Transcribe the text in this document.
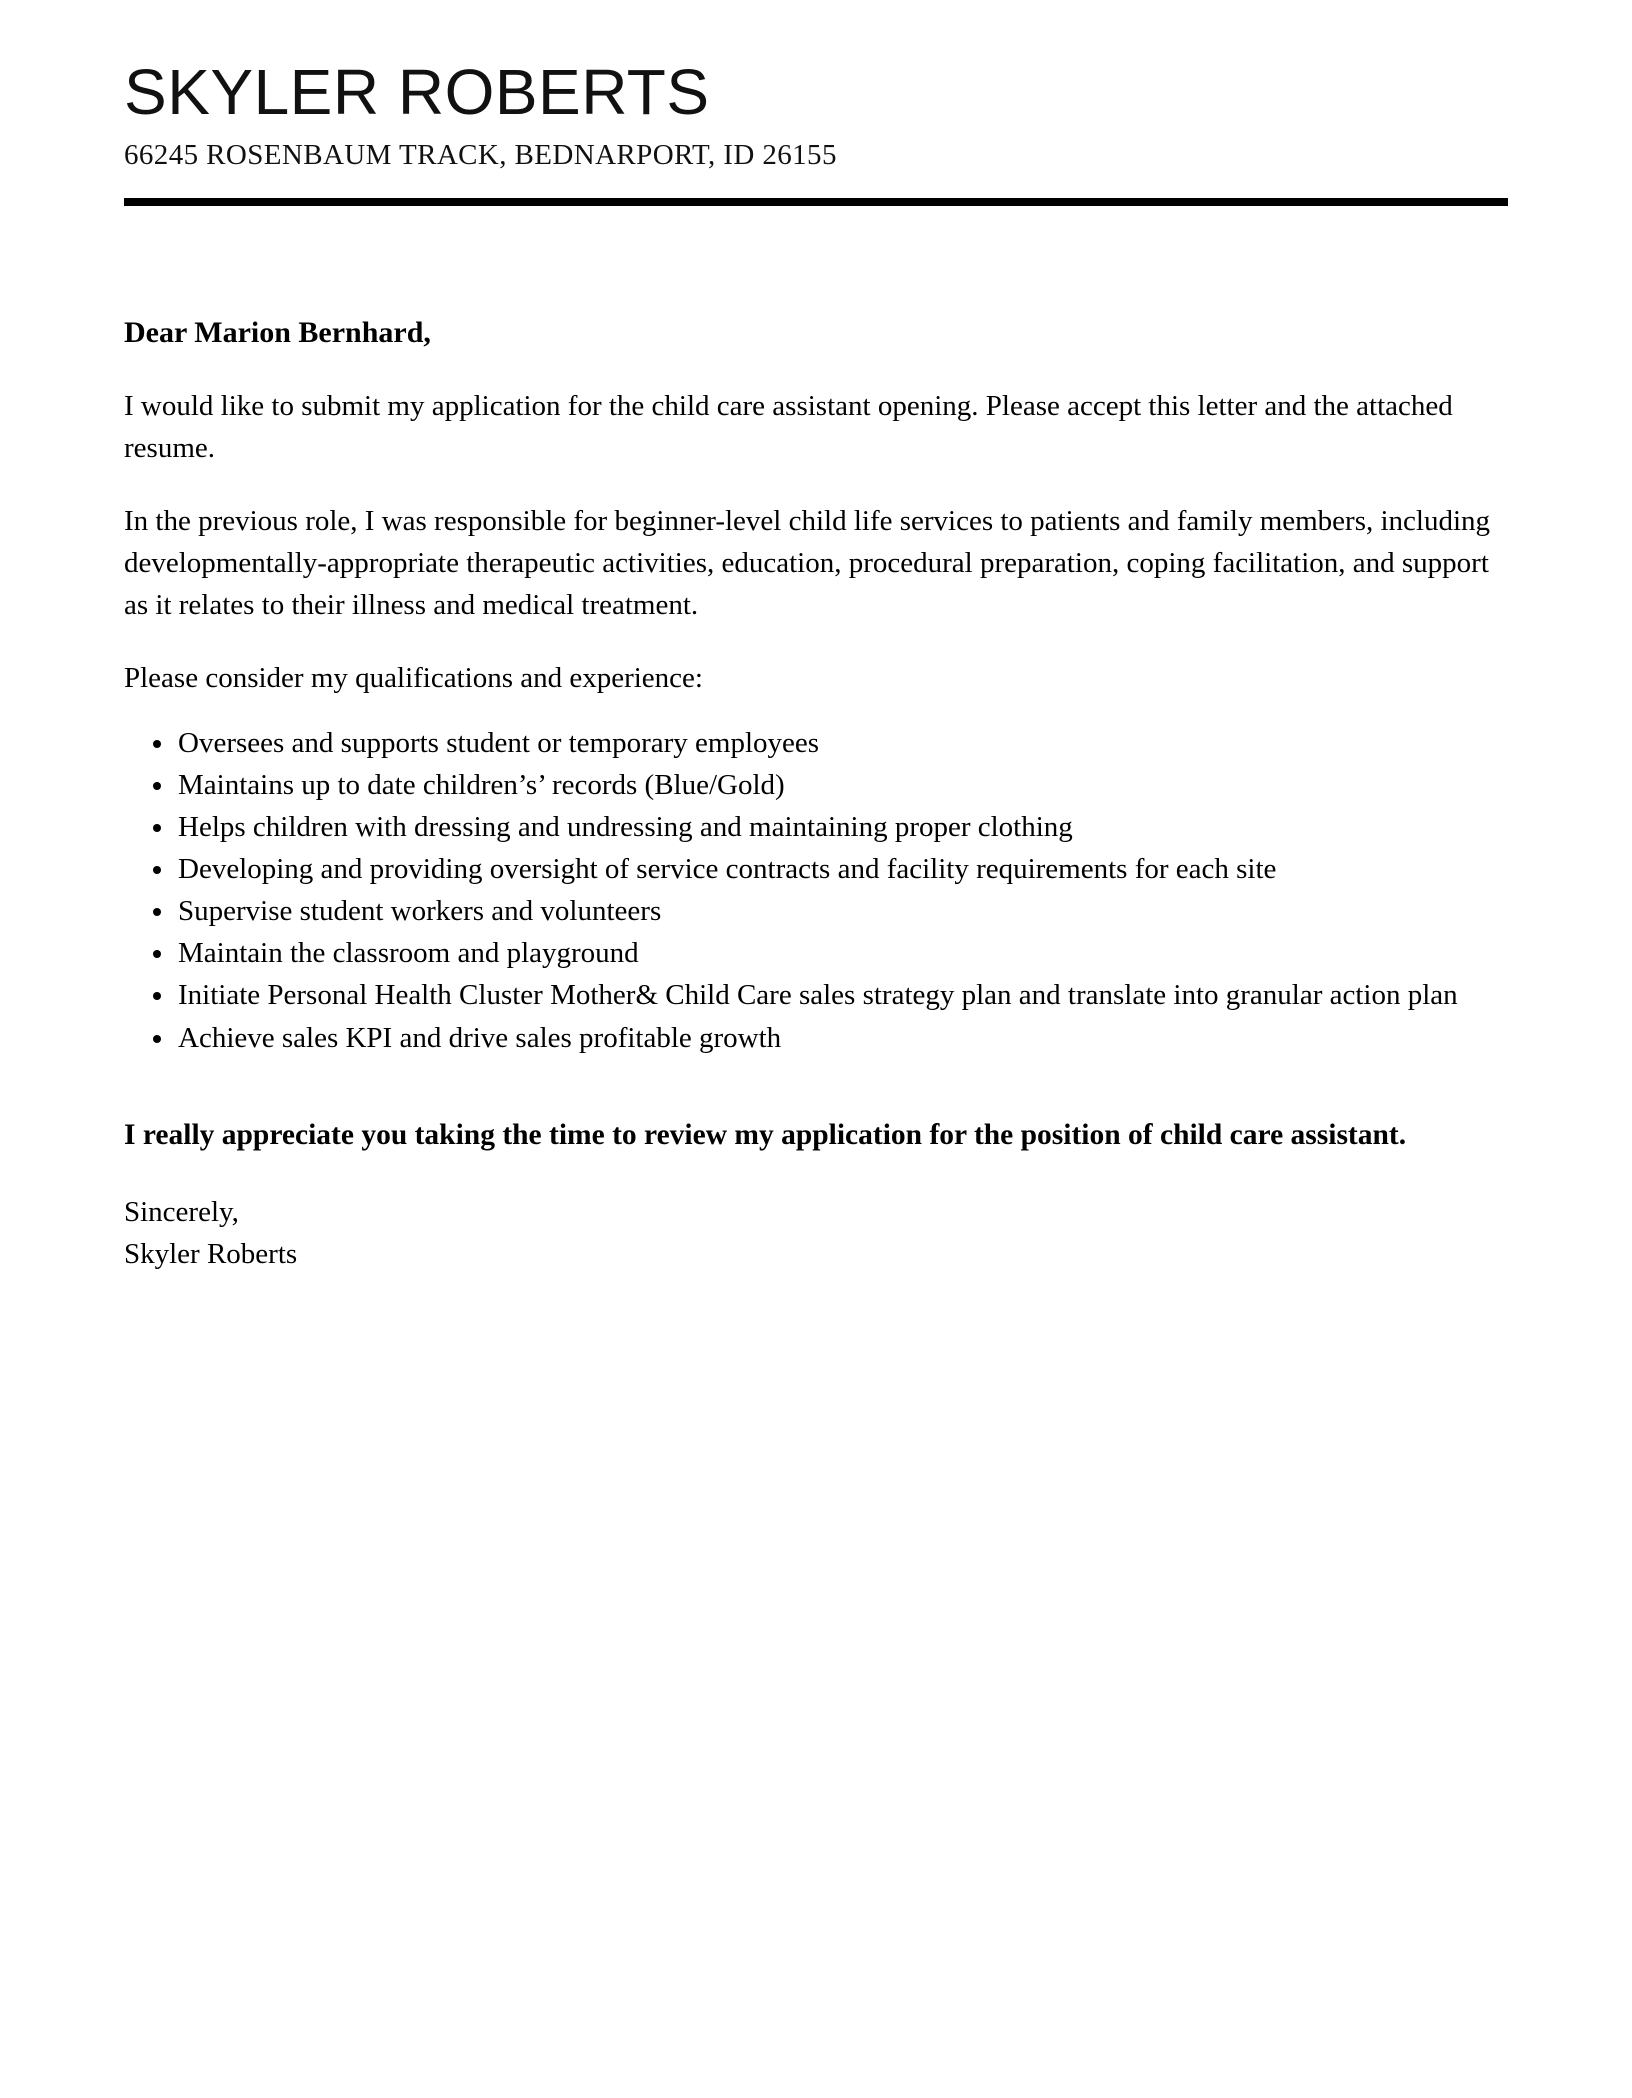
SKYLER ROBERTS
66245 ROSENBAUM TRACK, BEDNARPORT, ID 26155
Dear Marion Bernhard,
I would like to submit my application for the child care assistant opening. Please accept this letter and the attached resume.
In the previous role, I was responsible for beginner-level child life services to patients and family members, including developmentally-appropriate therapeutic activities, education, procedural preparation, coping facilitation, and support as it relates to their illness and medical treatment.
Please consider my qualifications and experience:
• Oversees and supports student or temporary employees
• Maintains up to date children’s’ records (Blue/Gold)
• Helps children with dressing and undressing and maintaining proper clothing
• Developing and providing oversight of service contracts and facility requirements for each site
• Supervise student workers and volunteers
• Maintain the classroom and playground
• Initiate Personal Health Cluster Mother& Child Care sales strategy plan and translate into granular action plan
• Achieve sales KPI and drive sales profitable growth
I really appreciate you taking the time to review my application for the position of child care assistant.
Sincerely,
Skyler Roberts
